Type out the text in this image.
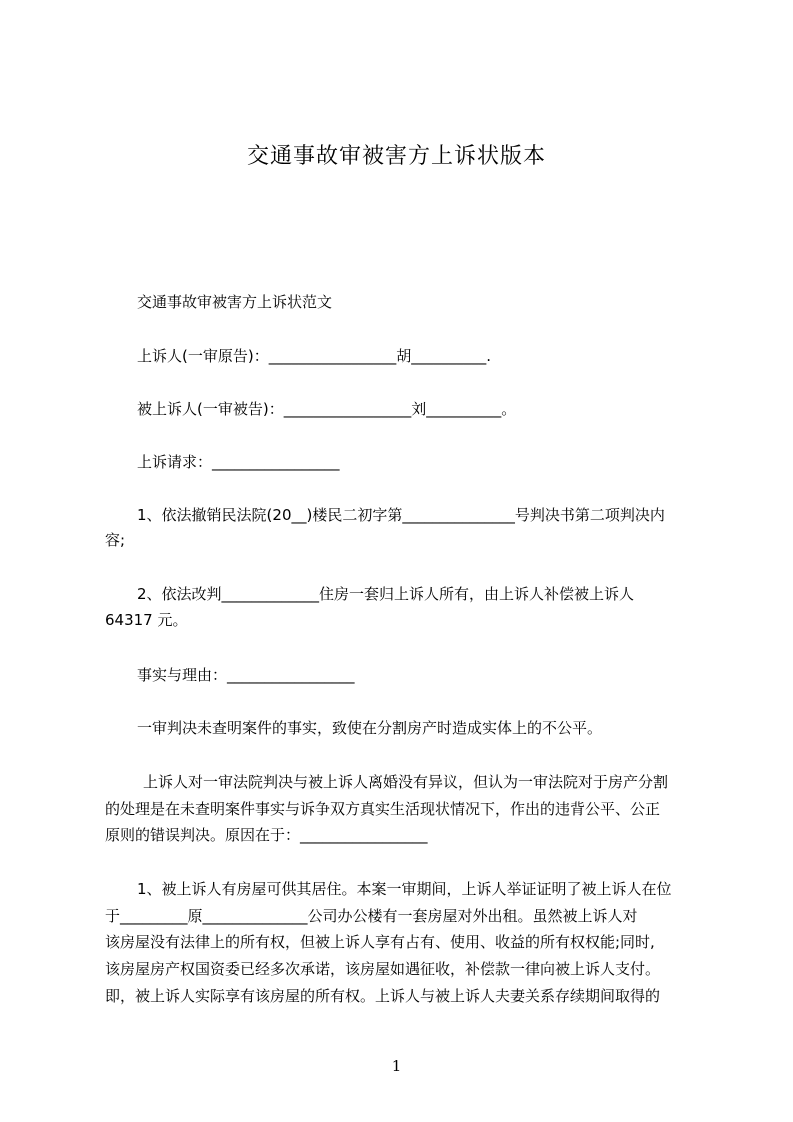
交通事故审被害方上诉状版本
交通事故审被害方上诉状范文
上诉人(一审原告)：_________________胡__________.
被上诉人(一审被告)：_________________刘__________。
上诉请求：_________________
1、依法撤销民法院(20__)楼民二初字第_______________号判决书第二项判决内
容;
2、依法改判_____________住房一套归上诉人所有，由上诉人补偿被上诉人
64317 元。
事实与理由：_________________
一审判决未查明案件的事实，致使在分割房产时造成实体上的不公平。
上诉人对一审法院判决与被上诉人离婚没有异议，但认为一审法院对于房产分割
的处理是在未查明案件事实与诉争双方真实生活现状情况下，作出的违背公平、公正
原则的错误判决。原因在于：_________________
1、被上诉人有房屋可供其居住。本案一审期间，上诉人举证证明了被上诉人在位
于_________原______________公司办公楼有一套房屋对外出租。虽然被上诉人对
该房屋没有法律上的所有权，但被上诉人享有占有、使用、收益的所有权权能;同时,
该房屋房产权国资委已经多次承诺，该房屋如遇征收，补偿款一律向被上诉人支付。
即，被上诉人实际享有该房屋的所有权。上诉人与被上诉人夫妻关系存续期间取得的
1
